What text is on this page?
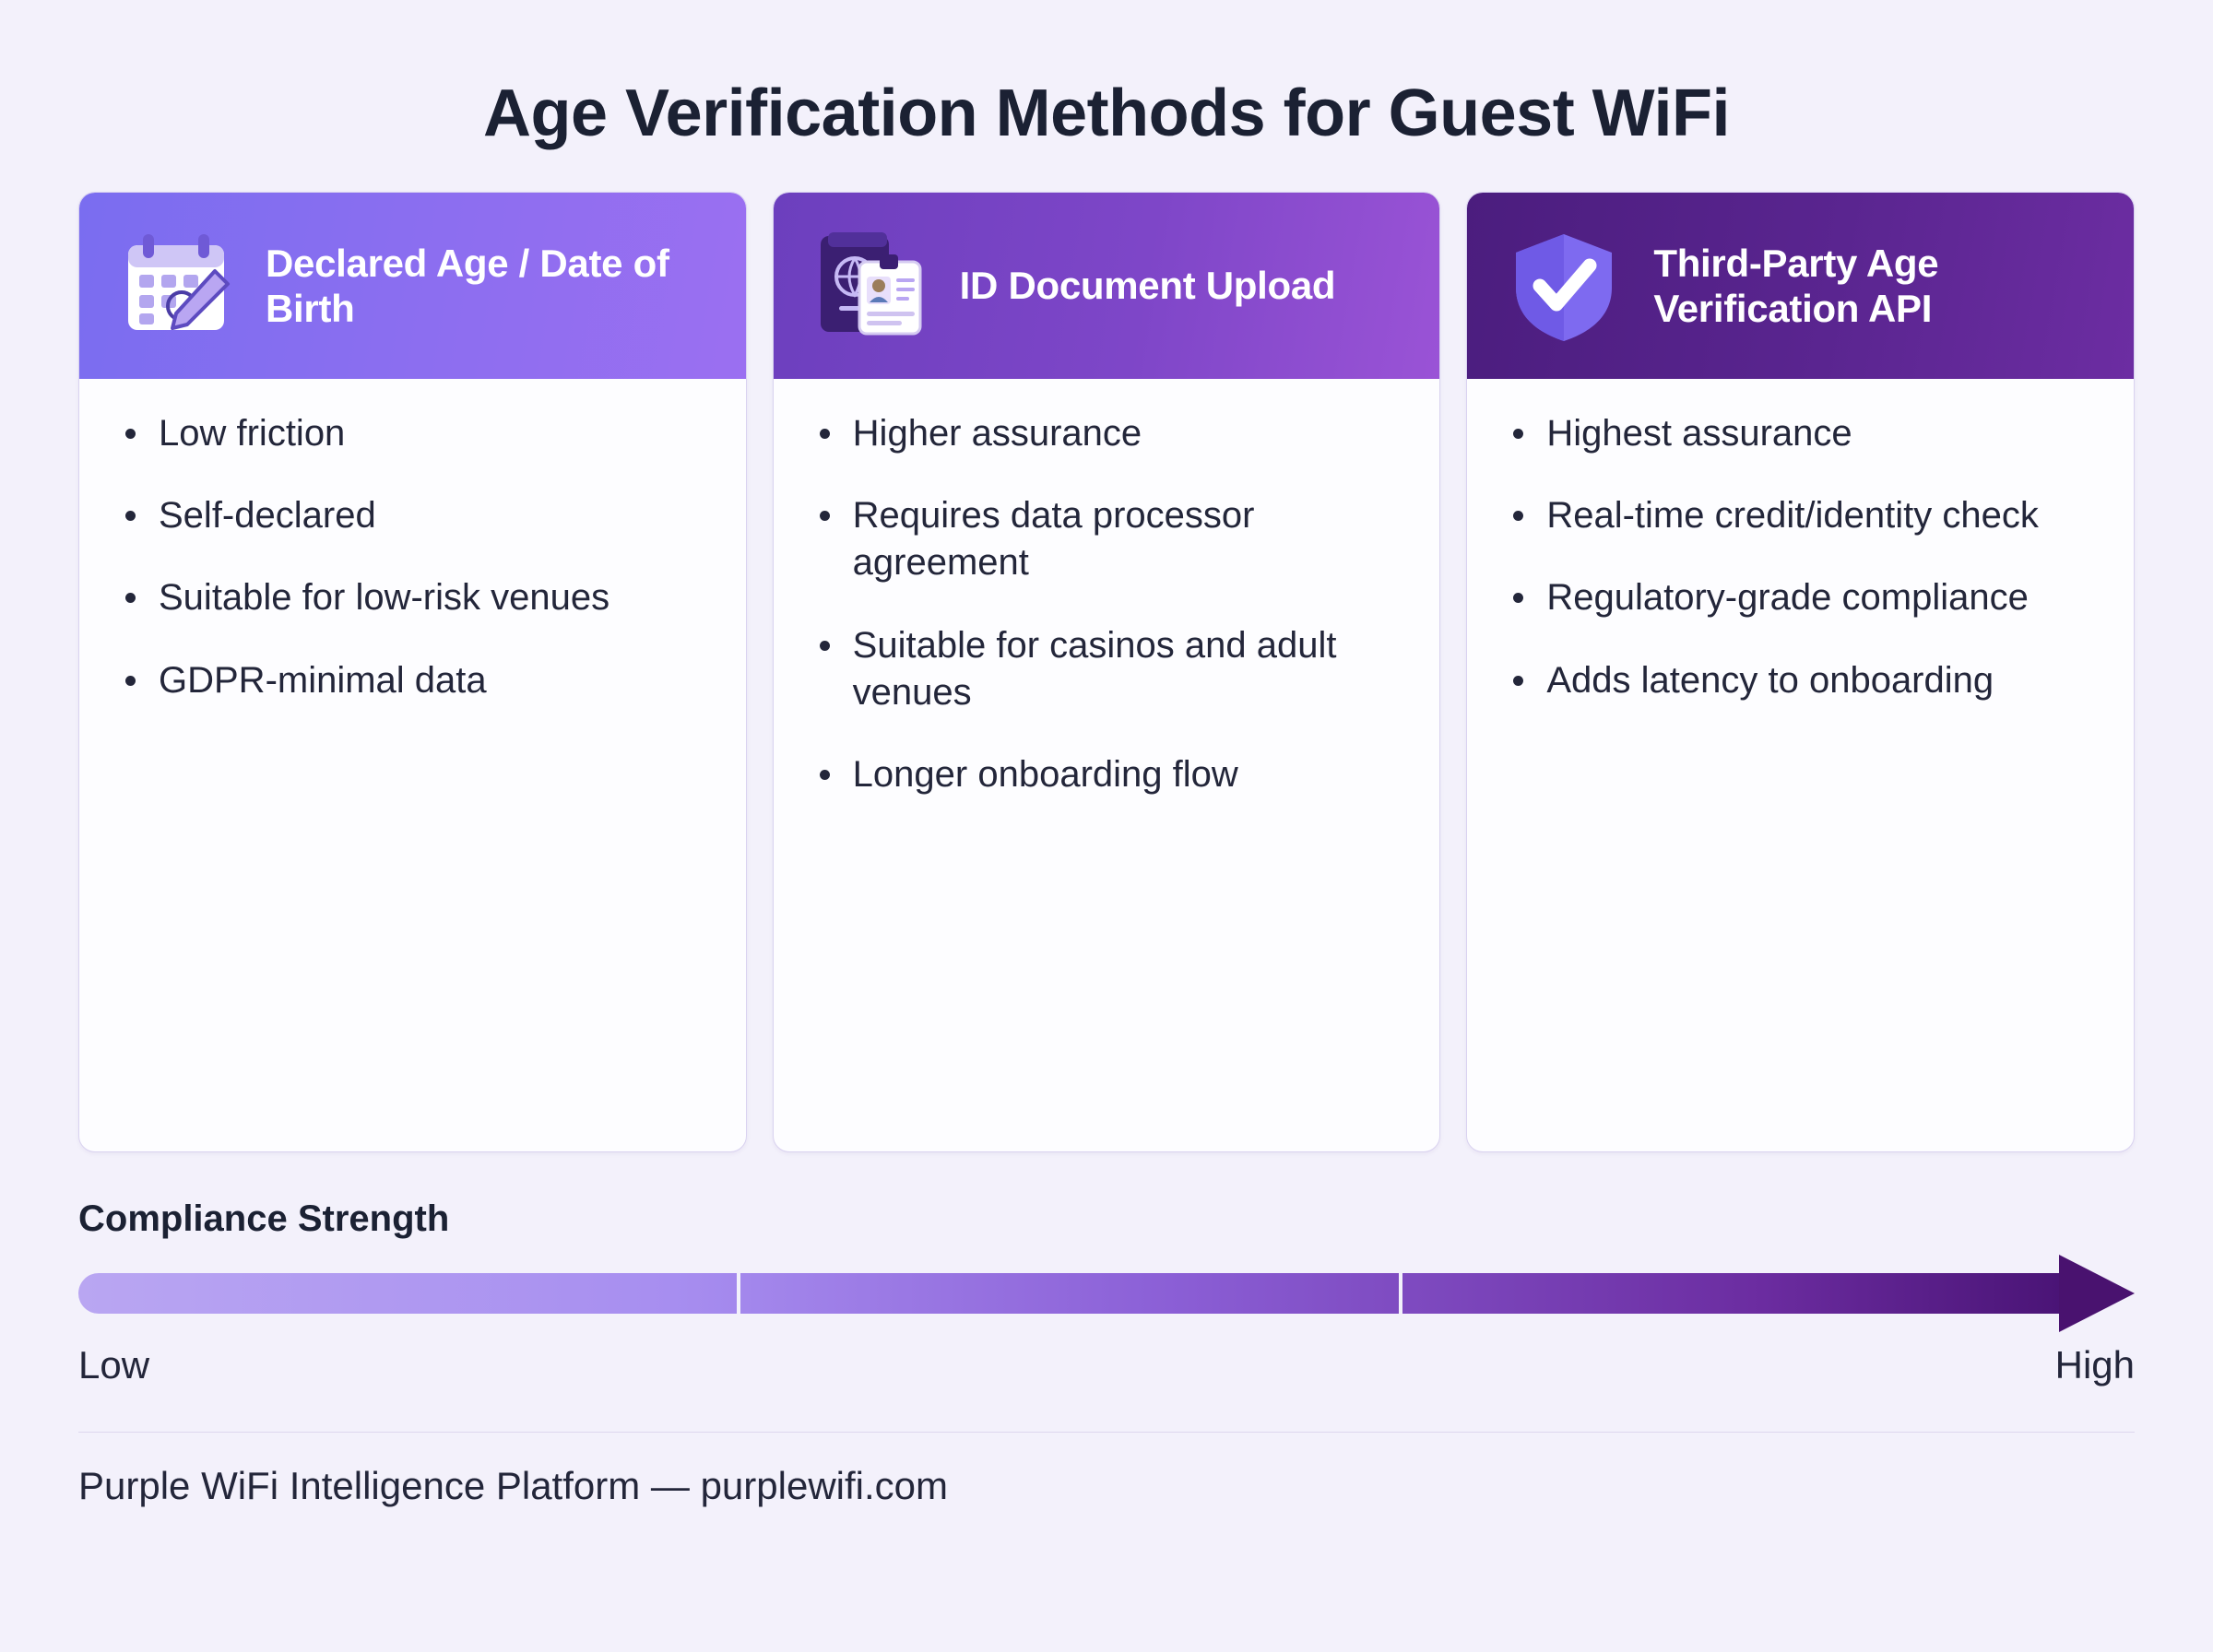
Age Verification Methods for Guest WiFi
Declared Age / Date of Birth
Low friction
Self-declared
Suitable for low-risk venues
GDPR-minimal data
ID Document Upload
Higher assurance
Requires data processor agreement
Suitable for casinos and adult venues
Longer onboarding flow
Third-Party Age Verification API
Highest assurance
Real-time credit/identity check
Regulatory-grade compliance
Adds latency to onboarding
Compliance Strength
Low	High
Purple WiFi Intelligence Platform — purplewifi.com
